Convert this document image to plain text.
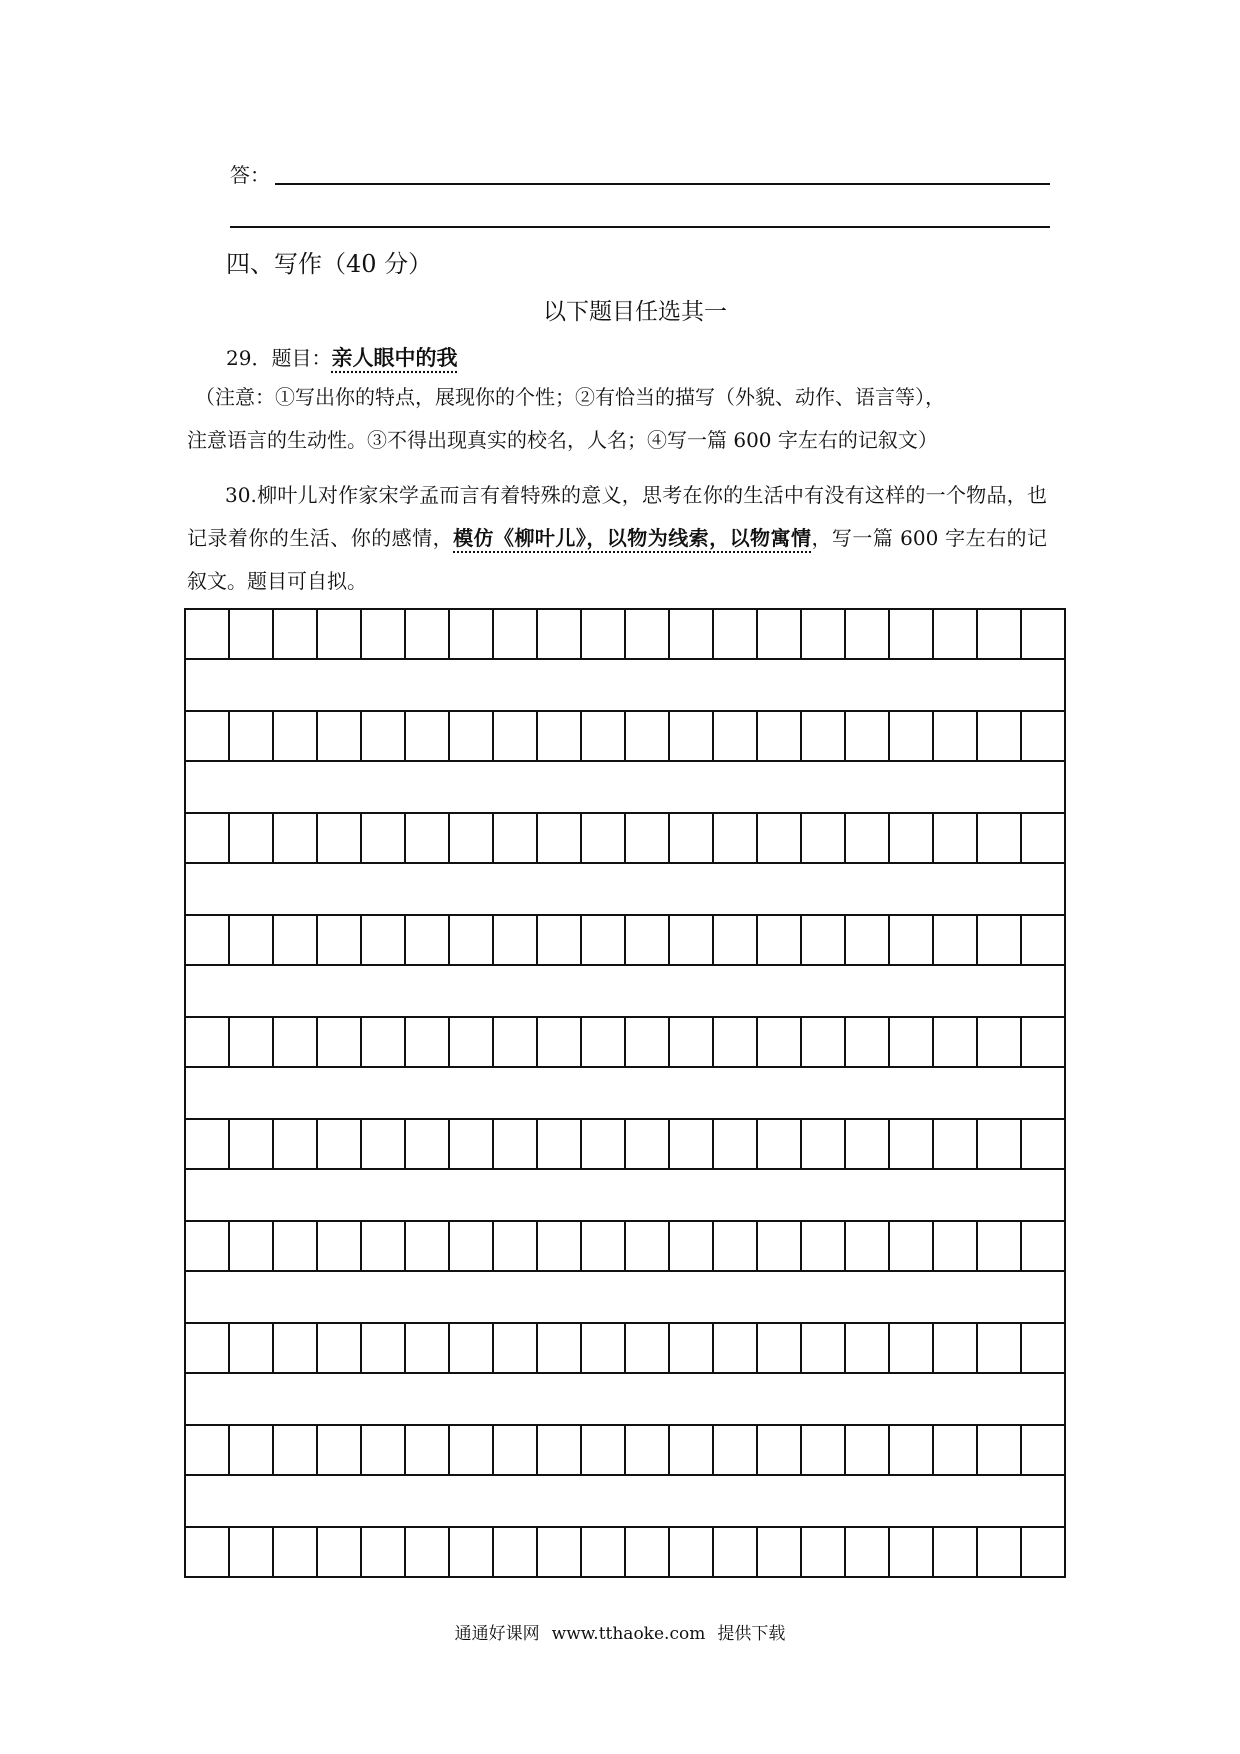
答：
四、写作（40 分）
以下题目任选其一
29．题目：亲人眼中的我
（注意：①写出你的特点，展现你的个性；②有恰当的描写（外貌、动作、语言等），
注意语言的生动性。③不得出现真实的校名，人名；④写一篇 600 字左右的记叙文）
30.柳叶儿对作家宋学孟而言有着特殊的意义，思考在你的生活中有没有这样的一个物品，也记录着你的生活、你的感情，模仿《柳叶儿》，以物为线索，以物寓情，写一篇 600 字左右的记叙文。题目可自拟。
通通好课网 www.tthaoke.com 提供下载
